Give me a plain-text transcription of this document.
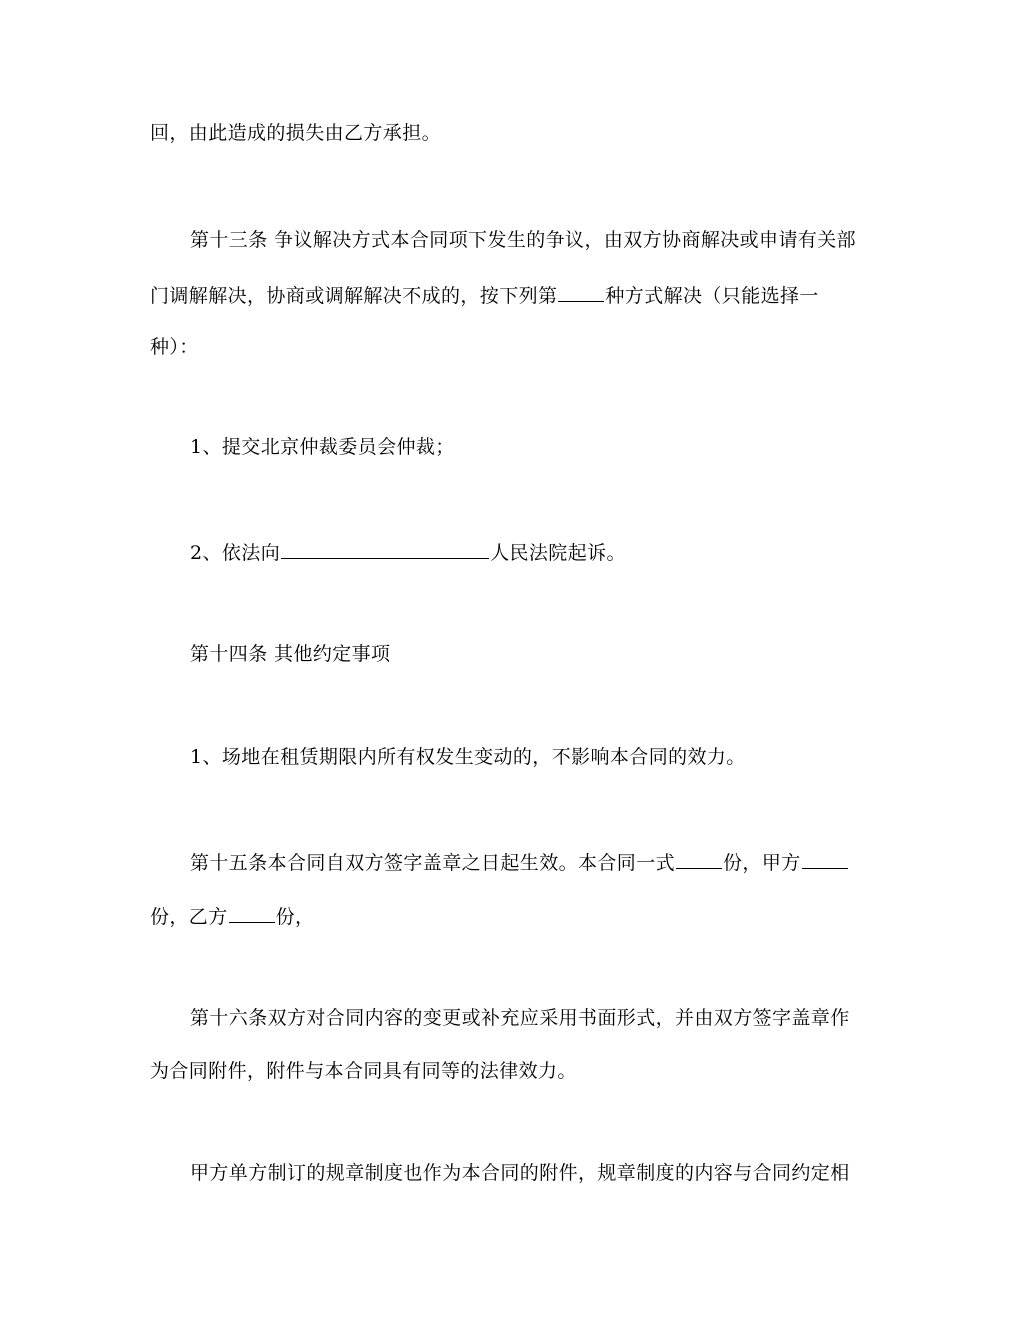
回，由此造成的损失由乙方承担。
第十三条 争议解决方式本合同项下发生的争议，由双方协商解决或申请有关部
门调解解决，协商或调解解决不成的，按下列第	种方式解决（只能选择一
种）：
1、提交北京仲裁委员会仲裁；
2、依法向	人民法院起诉。
第十四条 其他约定事项
1、场地在租赁期限内所有权发生变动的，不影响本合同的效力。
第十五条本合同自双方签字盖章之日起生效。本合同一式	份，甲方
份，乙方	份，
第十六条双方对合同内容的变更或补充应采用书面形式，并由双方签字盖章作
为合同附件，附件与本合同具有同等的法律效力。
甲方单方制订的规章制度也作为本合同的附件，规章制度的内容与合同约定相
